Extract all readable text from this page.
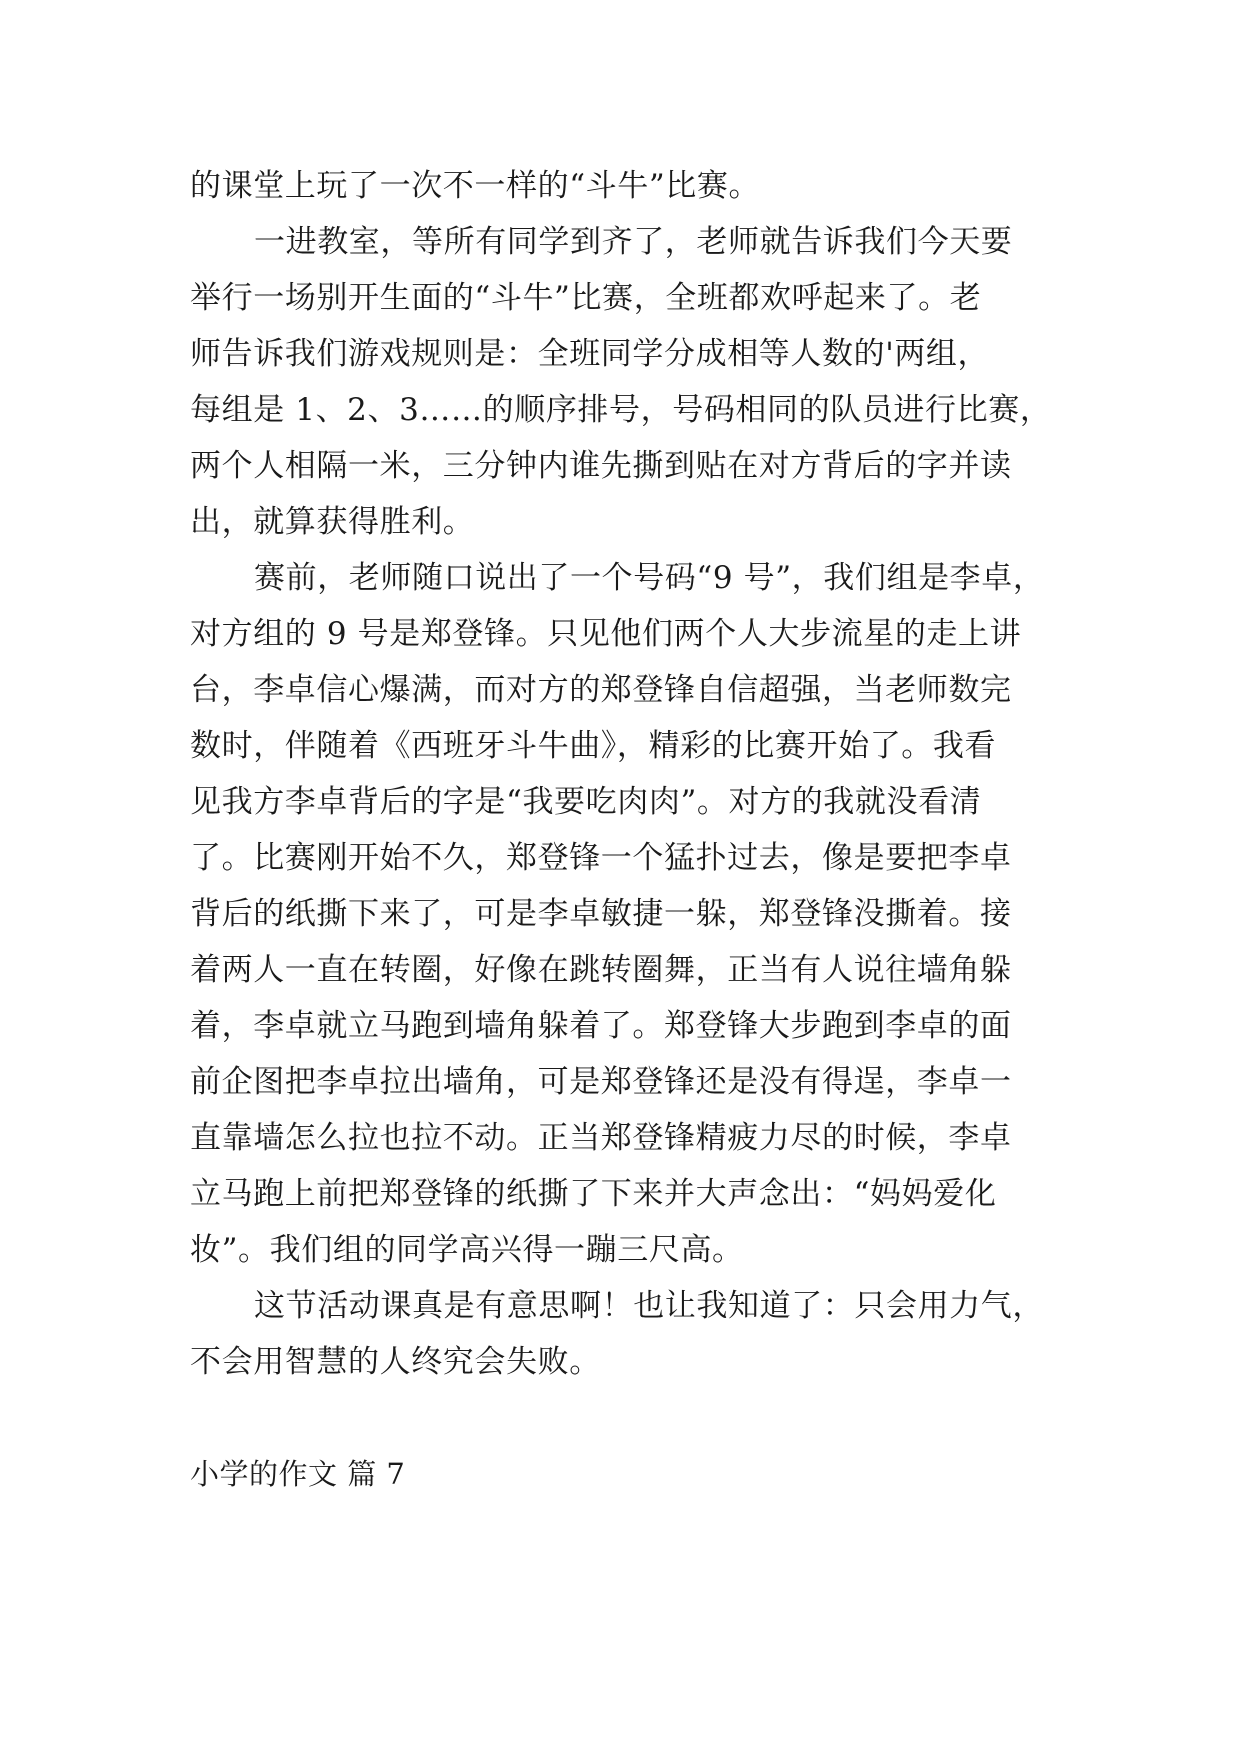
的课堂上玩了一次不一样的“斗牛”比赛。
一进教室，等所有同学到齐了，老师就告诉我们今天要
举行一场别开生面的“斗牛”比赛，全班都欢呼起来了。老
师告诉我们游戏规则是：全班同学分成相等人数的'两组，
每组是 1、2、3……的顺序排号，号码相同的队员进行比赛，
两个人相隔一米，三分钟内谁先撕到贴在对方背后的字并读
出，就算获得胜利。
赛前，老师随口说出了一个号码“9 号”，我们组是李卓，
对方组的 9 号是郑登锋。只见他们两个人大步流星的走上讲
台，李卓信心爆满，而对方的郑登锋自信超强，当老师数完
数时，伴随着《西班牙斗牛曲》，精彩的比赛开始了。我看
见我方李卓背后的字是“我要吃肉肉”。对方的我就没看清
了。比赛刚开始不久，郑登锋一个猛扑过去，像是要把李卓
背后的纸撕下来了，可是李卓敏捷一躲，郑登锋没撕着。接
着两人一直在转圈，好像在跳转圈舞，正当有人说往墙角躲
着，李卓就立马跑到墙角躲着了。郑登锋大步跑到李卓的面
前企图把李卓拉出墙角，可是郑登锋还是没有得逞，李卓一
直靠墙怎么拉也拉不动。正当郑登锋精疲力尽的时候，李卓
立马跑上前把郑登锋的纸撕了下来并大声念出：“妈妈爱化
妆”。我们组的同学高兴得一蹦三尺高。
这节活动课真是有意思啊！也让我知道了：只会用力气，
不会用智慧的人终究会失败。
小学的作文 篇 7
